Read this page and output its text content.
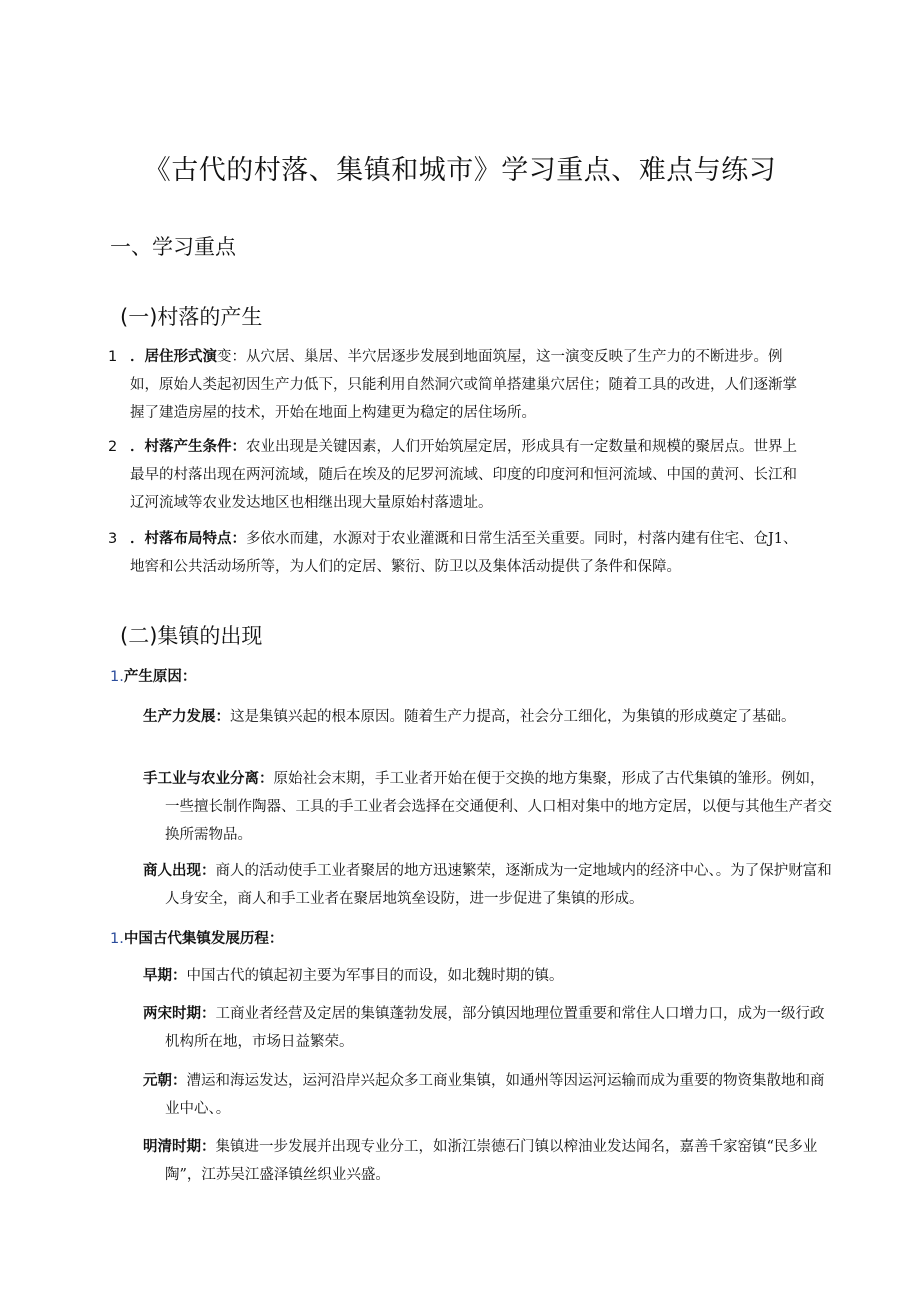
《古代的村落、集镇和城市》学习重点、难点与练习
一、学习重点
(一)村落的产生
1 ．居住形式演变：从穴居、巢居、半穴居逐步发展到地面筑屋，这一演变反映了生产力的不断进步。例如，原始人类起初因生产力低下，只能利用自然洞穴或简单搭建巢穴居住；随着工具的改进，人们逐渐掌握了建造房屋的技术，开始在地面上构建更为稳定的居住场所。
2 ．村落产生条件：农业出现是关键因素，人们开始筑屋定居，形成具有一定数量和规模的聚居点。世界上最早的村落出现在两河流域，随后在埃及的尼罗河流域、印度的印度河和恒河流域、中国的黄河、长江和辽河流域等农业发达地区也相继出现大量原始村落遗址。
3 ．村落布局特点：多依水而建，水源对于农业灌溉和日常生活至关重要。同时，村落内建有住宅、仓J1、地窖和公共活动场所等，为人们的定居、繁衍、防卫以及集体活动提供了条件和保障。
(二)集镇的出现
1.产生原因：
生产力发展：这是集镇兴起的根本原因。随着生产力提高，社会分工细化，为集镇的形成奠定了基础。
手工业与农业分离：原始社会末期，手工业者开始在便于交换的地方集聚，形成了古代集镇的雏形。例如，一些擅长制作陶器、工具的手工业者会选择在交通便利、人口相对集中的地方定居，以便与其他生产者交换所需物品。
商人出现：商人的活动使手工业者聚居的地方迅速繁荣，逐渐成为一定地域内的经济中心、。为了保护财富和人身安全，商人和手工业者在聚居地筑垒设防，进一步促进了集镇的形成。
1.中国古代集镇发展历程：
早期：中国古代的镇起初主要为军事目的而设，如北魏时期的镇。
两宋时期：工商业者经营及定居的集镇蓬勃发展，部分镇因地理位置重要和常住人口增力口，成为一级行政机构所在地，市场日益繁荣。
元朝：漕运和海运发达，运河沿岸兴起众多工商业集镇，如通州等因运河运输而成为重要的物资集散地和商业中心、。
明清时期：集镇进一步发展并出现专业分工，如浙江崇德石门镇以榨油业发达闻名，嘉善千家窑镇“民多业陶”，江苏吴江盛泽镇丝织业兴盛。
